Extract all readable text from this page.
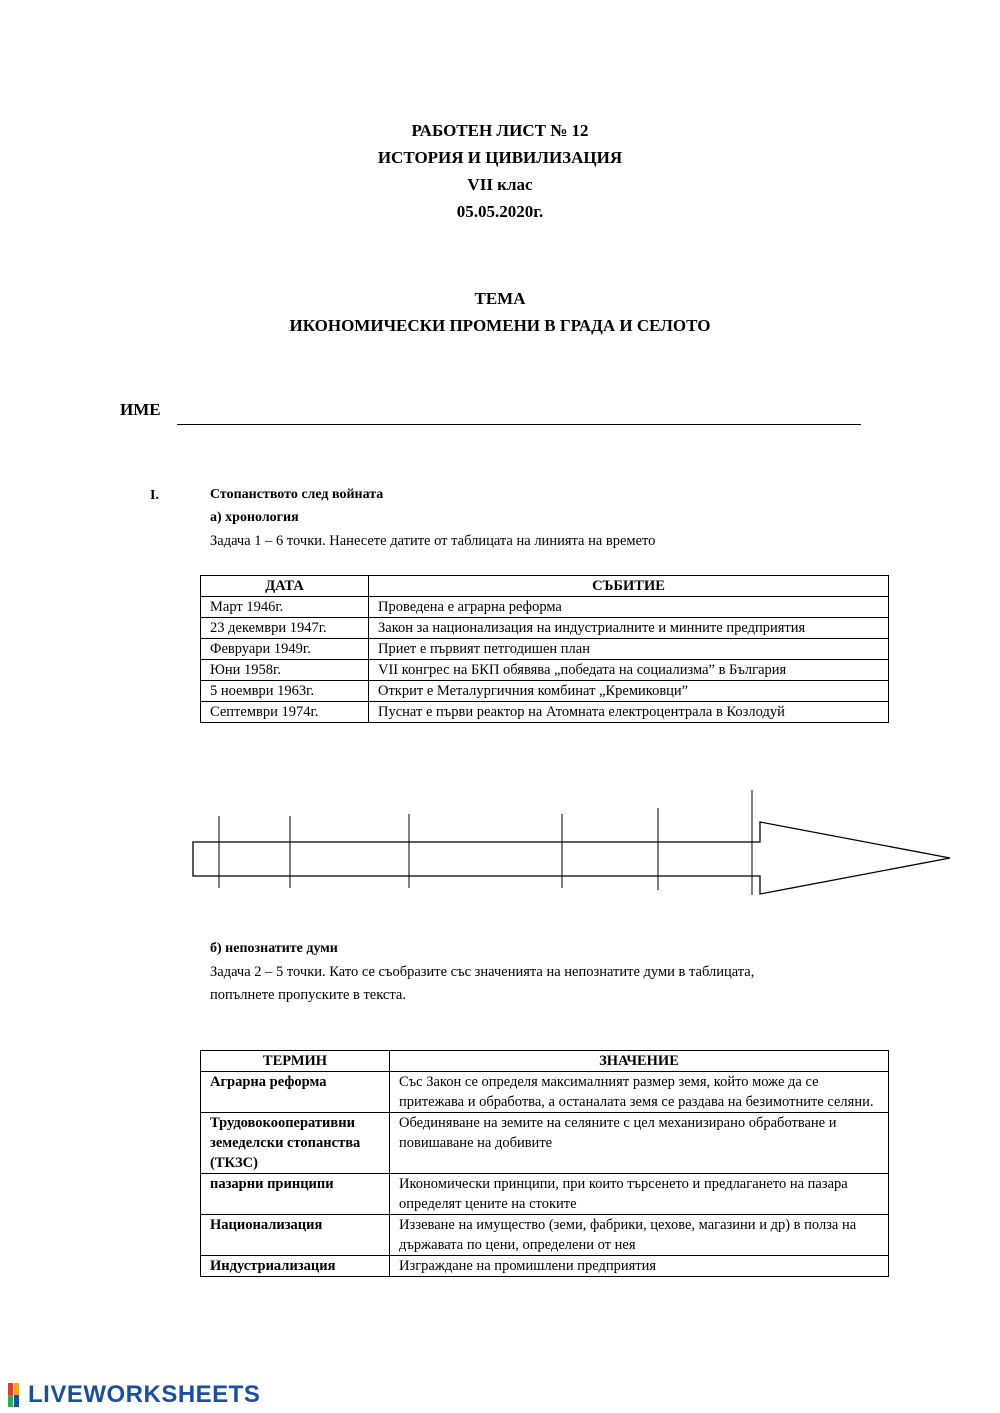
РАБОТЕН ЛИСТ № 12
ИСТОРИЯ И ЦИВИЛИЗАЦИЯ
VII клас
05.05.2020г.
ТЕМА
ИКОНОМИЧЕСКИ ПРОМЕНИ В ГРАДА И СЕЛОТО
ИМЕ
I.	Стопанството след войната
а) хронология
Задача 1 – 6 точки. Нанесете датите от таблицата на линията на времето
ДАТА	СЪБИТИЕ
Март 1946г.	Проведена е аграрна реформа
23 декември 1947г.	Закон за национализация на индустриалните и минните предприятия
Февруари 1949г.	Приет е първият петгодишен план
Юни 1958г.	VII конгрес на БКП обявява „победата на социализма” в България
5 ноември 1963г.	Открит е Металургичния комбинат „Кремиковци”
Септември 1974г.	Пуснат е първи реактор на Атомната електроцентрала в Козлодуй
б) непознатите думи
Задача 2 – 5 точки. Като се съобразите със значенията на непознатите думи в таблицата,
попълнете пропуските в текста.
ТЕРМИН	ЗНАЧЕНИЕ
Аграрна реформа	Със Закон се определя максималният размер земя, който може да се притежава и обработва, а останалата земя се раздава на безимотните селяни.
Трудовокооперативни земеделски стопанства (ТКЗС)	Обединяване на земите на селяните с цел механизирано обработване и повишаване на добивите
пазарни принципи	Икономически принципи, при които търсенето и предлагането на пазара определят цените на стоките
Национализация	Иззеване на имущество (земи, фабрики, цехове, магазини и др) в полза на държавата по цени, определени от нея
Индустриализация	Изграждане на промишлени предприятия
LIVEWORKSHEETS
